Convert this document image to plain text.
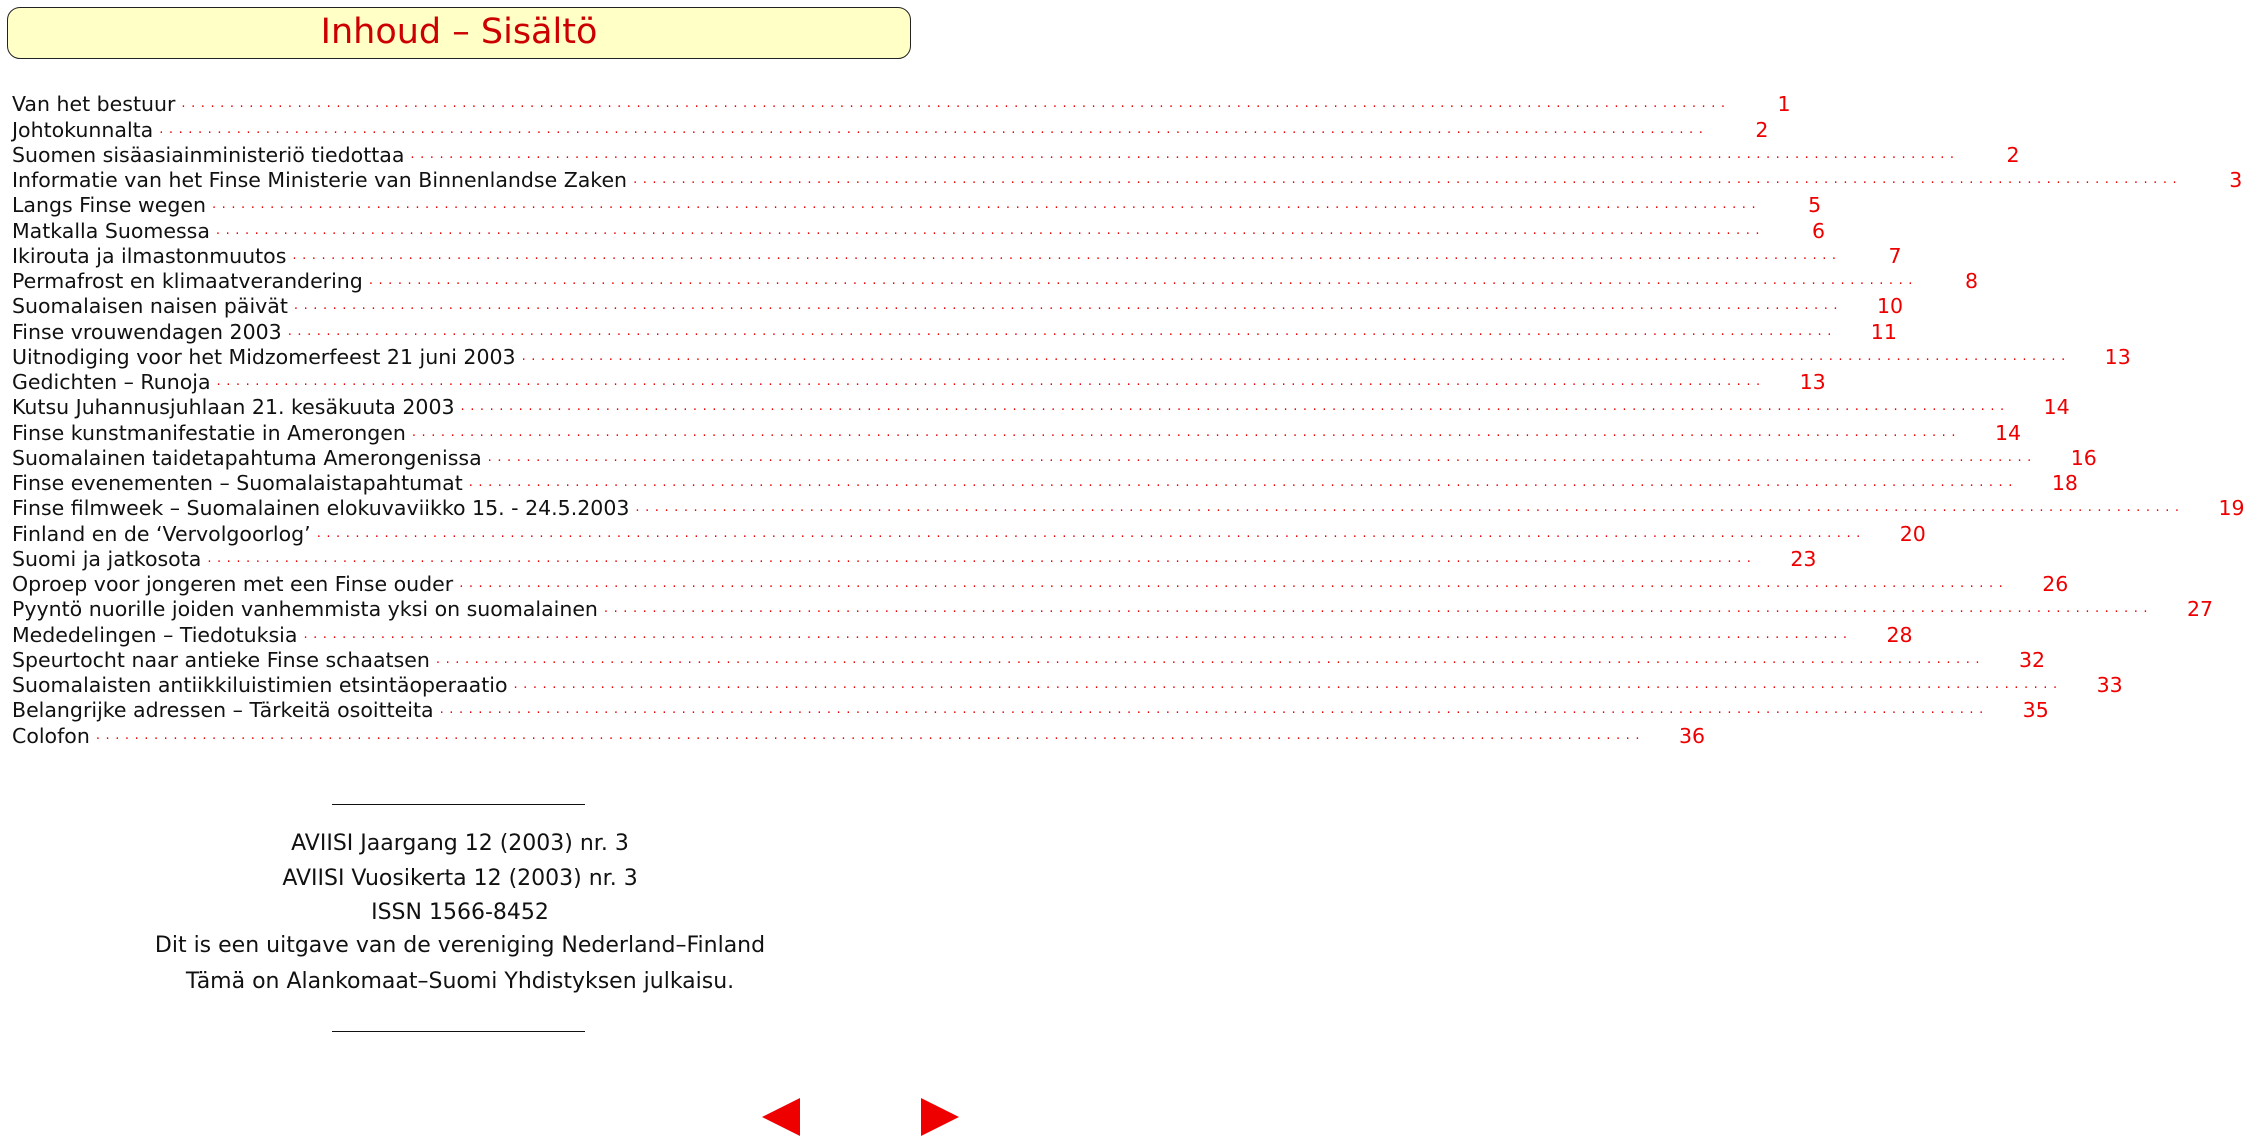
Inhoud – Sisältö
Van het bestuur ................................................................................................................................................................	1
Johtokunnalta ................................................................................................................................................................	2
Suomen sisäasiainministeriö tiedottaa ................................................................................................................................................................	2
Informatie van het Finse Ministerie van Binnenlandse Zaken ................................................................................................................................................................	3
Langs Finse wegen ................................................................................................................................................................	5
Matkalla Suomessa ................................................................................................................................................................	6
Ikirouta ja ilmastonmuutos ................................................................................................................................................................	7
Permafrost en klimaatverandering ................................................................................................................................................................	8
Suomalaisen naisen päivät ................................................................................................................................................................	10
Finse vrouwendagen 2003 ................................................................................................................................................................	11
Uitnodiging voor het Midzomerfeest 21 juni 2003 ................................................................................................................................................................	13
Gedichten – Runoja ................................................................................................................................................................	13
Kutsu Juhannusjuhlaan 21. kesäkuuta 2003 ................................................................................................................................................................	14
Finse kunstmanifestatie in Amerongen ................................................................................................................................................................	14
Suomalainen taidetapahtuma Amerongenissa ................................................................................................................................................................	16
Finse evenementen – Suomalaistapahtumat ................................................................................................................................................................	18
Finse filmweek – Suomalainen elokuvaviikko 15. - 24.5.2003 ................................................................................................................................................................	19
Finland en de ‘Vervolgoorlog’ ................................................................................................................................................................	20
Suomi ja jatkosota ................................................................................................................................................................	23
Oproep voor jongeren met een Finse ouder ................................................................................................................................................................	26
Pyyntö nuorille joiden vanhemmista yksi on suomalainen ................................................................................................................................................................	27
Mededelingen – Tiedotuksia ................................................................................................................................................................	28
Speurtocht naar antieke Finse schaatsen ................................................................................................................................................................	32
Suomalaisten antiikkiluistimien etsintäoperaatio ................................................................................................................................................................	33
Belangrijke adressen – Tärkeitä osoitteita ................................................................................................................................................................	35
Colofon ................................................................................................................................................................	36
AVIISI Jaargang 12 (2003) nr. 3
AVIISI Vuosikerta 12 (2003) nr. 3
ISSN 1566-8452
Dit is een uitgave van de vereniging Nederland–Finland
Tämä on Alankomaat–Suomi Yhdistyksen julkaisu.
